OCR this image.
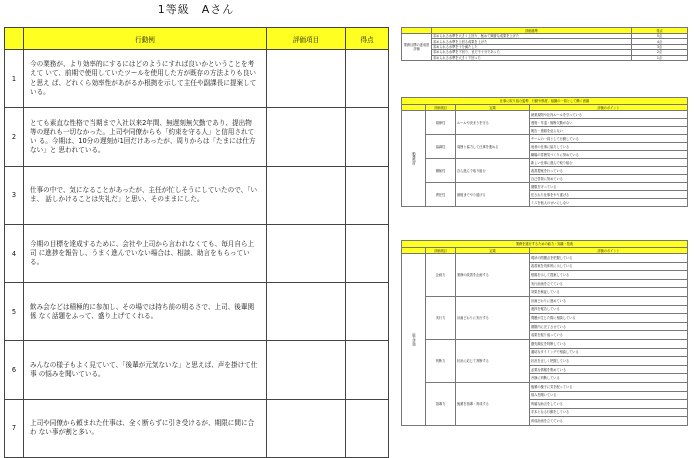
1等級　Aさん
	行動例	評価項目	得点
1	今の業務が、より効率的にするにはどのようにすれば良いかということを考えて いて、前期で使用していたツールを使用した方が既存の方法よりも良いと思え ば、どれくら効率性があがるか根拠を示して主任や副課長に提案している。		
2	とても素直な性格で当期まで入社以来2年間、無遅刻無欠勤であり、提出物 等の遅れも一切なかった。上司や同僚からも「約束を守る人」と信用されてい る。今期は、10分の遅刻が1回だけあったが、周りからは「たまには仕方ない」と 思われている。		
3	仕事の中で、気になることがあったが、主任が忙しそうにしていたので、「いま、 話しかけることは失礼だ」と思い、そのままにした。		
4	今期の目標を達成するために、会社や上司から言われなくても、毎月自ら上司 に進捗を報告し、うまく進んでいない場合は、相談、助言をもらっている。		
5	飲み会などは積極的に参加し、その場では持ち前の明るさで、上司、後輩関係 なく話題をふって、盛り上げてくれる。		
6	みんなの様子もよく見ていて、「後輩が元気ないな」と思えば、声を掛けて仕事 の悩みを聞いている。		
7	上司や同僚から頼まれた仕事は、全く断らずに引き受けるが、期限に間に合わ ない事が割と多い。		
	評価基準	得点
業務目標の達成度評価	求められる水準を大きく上回り、極めて顕著な成果を上げた	5点
	求められる水準を上回る成果を上げた	4点
	求められる水準を十分満たした	3点
	求められる水準を下回り、まだ不十分であった	2点
	求められる水準を大きく下回った	1点
仕事に取り組む姿勢、行動や態度、組織の一員として働く意識			
	評価項目	定義	評価のポイント
勤務態度	規律性	ルールや決まりを守る	就業規則や社内ルールを守っている
			遅刻・早退・無断欠勤がない
			報告・連絡を怠らない
	協調性	周囲と協力して仕事を進める	チームの一員として行動している
			他者の仕事に協力している
			職場の雰囲気づくりに努めている
	積極性	自ら進んで取り組む	新しい仕事に進んで取り組む
			改善提案を行っている
			自己啓発に努めている
	責任性	最後までやり遂げる	期限を守っている
			任された仕事をやり遂げる
			ミスを他人のせいにしない
業務を遂行するための能力・知識・技術			
	評価項目	定義	評価のポイント
能力評価	企画力	業務の改善を企画する	現状の問題点を把握している
			改善案を具体的に示している
			根拠を示して提案している
			実行計画を立てている
			効果を検証している
	実行力	計画どおりに実行する	計画どおりに進めている
			進捗を報告している
			問題が生じた際に相談している
			期限内に完了させている
			成果を振り返っている
	判断力	状況に応じて判断する	優先順位を判断している
			適切なタイミングで相談している
			状況を正しく把握している
			必要な情報を集めている
			冷静に判断している
	指導力	後輩を指導・育成する	後輩の様子に気を配っている
			悩みを聞いている
			的確な助言をしている
			手本となる行動をしている
			育成計画を立てている
